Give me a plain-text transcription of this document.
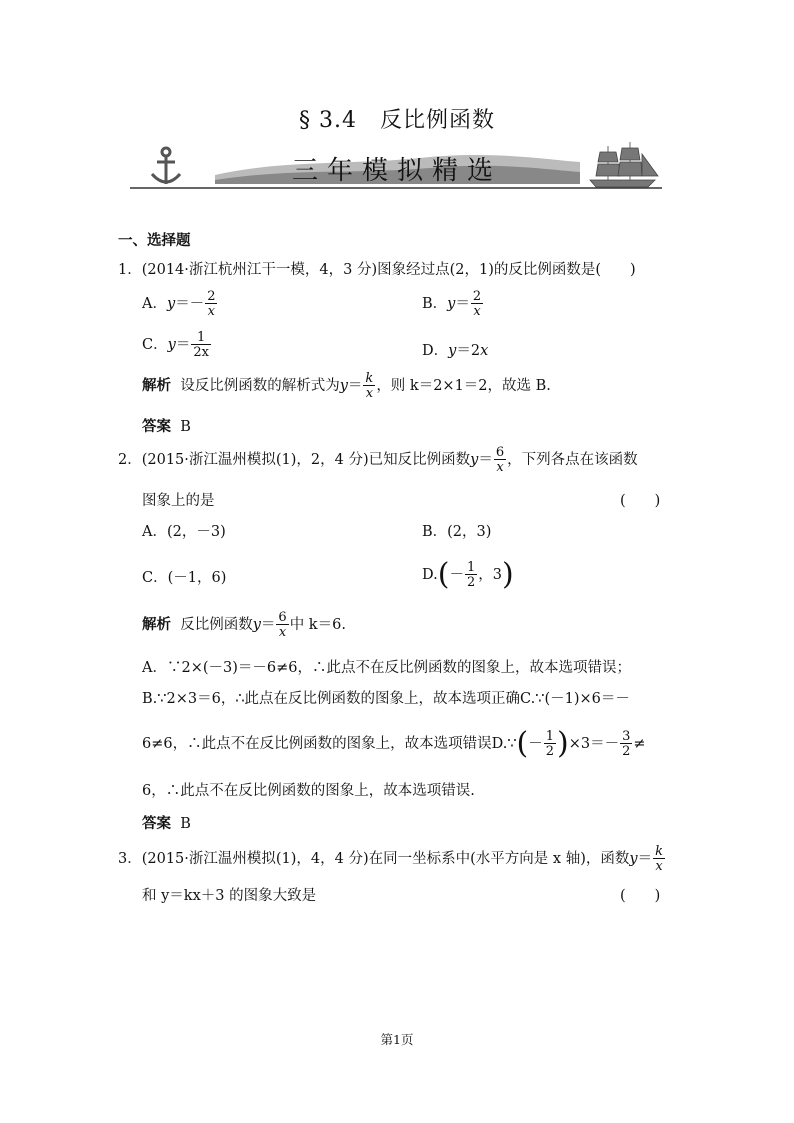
§ 3.4　反比例函数
三年模拟精选
一、选择题
1．(2014·浙江杭州江干一模，4，3 分)图象经过点(2，1)的反比例函数是(　　)
A．$y=- \frac{2}{x}$	B．$y= \frac{2}{x}$
C．$y= \frac{1}{2x}$	D．y＝2x
解析 设反比例函数的解析式为$y= \frac{k}{x}$ ，则 k＝2×1＝2，故选 B.
答案 B
2．(2015·浙江温州模拟(1)，2，4 分)已知反比例函数$y= \frac{6}{x}$ ，下列各点在该函数
图象上的是	(　　)
A．(2，－3)	B．(2，3)
C．(－1，6)	$D.(- \frac{1}{2}$ ，3)
解析 反比例函数$y= \frac{6}{x}$ 中 k＝6.
A．∵2×(－3)＝－6≠6，∴此点不在反比例函数的图象上，故本选项错误；
B.∵2×3＝6，∴此点在反比例函数的图象上，故本选项正确C.∵(－1)×6＝－
6≠6，∴此点不在反比例函数的图象上，故本选项错误D.∵(－ $\frac{1}{2} )\times 3=- \frac{3}{2}$ ≠
6，∴此点不在反比例函数的图象上，故本选项错误.
答案 B
3．(2015·浙江温州模拟(1)，4，4 分)在同一坐标系中(水平方向是 x 轴)，函数$y= \frac{k}{x}$
和 y＝kx＋3 的图象大致是	(　　)
第1页
